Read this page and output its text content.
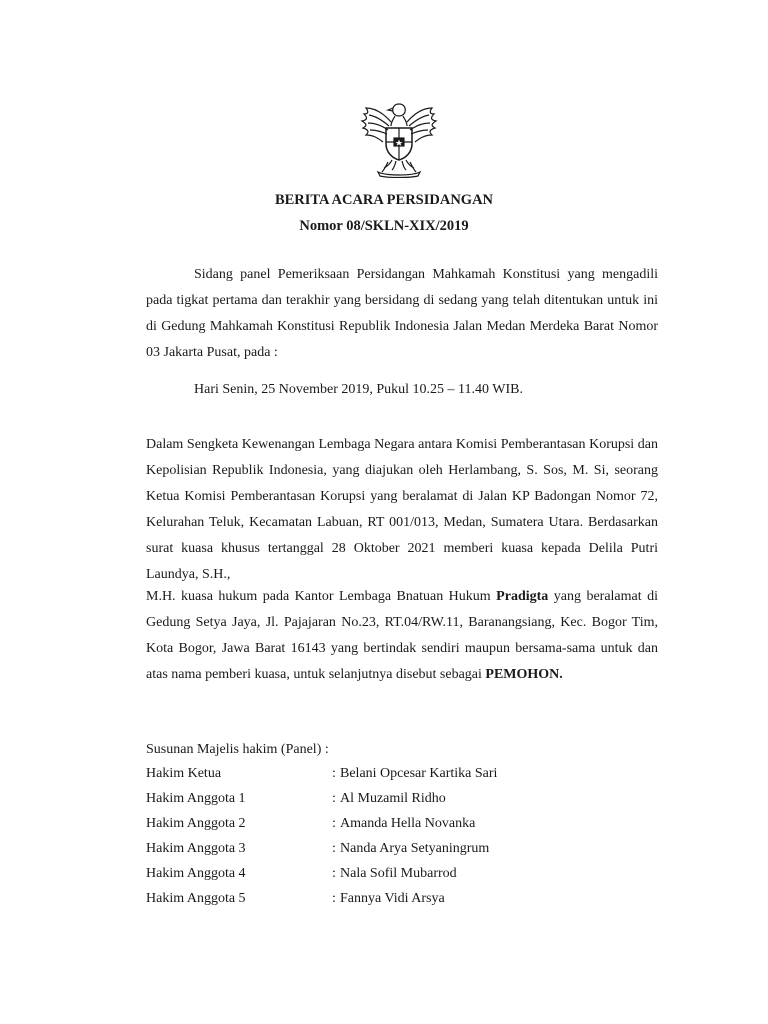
BERITA ACARA PERSIDANGAN
Nomor 08/SKLN-XIX/2019

Sidang panel Pemeriksaan Persidangan Mahkamah Konstitusi yang mengadili pada tigkat pertama dan terakhir yang bersidang di sedang yang telah ditentukan untuk ini di Gedung Mahkamah Konstitusi Republik Indonesia Jalan Medan Merdeka Barat Nomor 03 Jakarta Pusat, pada :

Hari Senin, 25 November 2019, Pukul 10.25 – 11.40 WIB.

Dalam Sengketa Kewenangan Lembaga Negara antara Komisi Pemberantasan Korupsi dan Kepolisian Republik Indonesia, yang diajukan oleh Herlambang, S. Sos, M. Si, seorang Ketua Komisi Pemberantasan Korupsi yang beralamat di Jalan KP Badongan Nomor 72, Kelurahan Teluk, Kecamatan Labuan, RT 001/013, Medan, Sumatera Utara. Berdasarkan surat kuasa khusus tertanggal 28 Oktober 2021 memberi kuasa kepada Delila Putri Laundya, S.H.,

M.H. kuasa hukum pada Kantor Lembaga Bnatuan Hukum Pradigta yang beralamat di Gedung Setya Jaya, Jl. Pajajaran No.23, RT.04/RW.11, Baranangsiang, Kec. Bogor Tim, Kota Bogor, Jawa Barat 16143 yang bertindak sendiri maupun bersama-sama untuk dan atas nama pemberi kuasa, untuk selanjutnya disebut sebagai PEMOHON.

Susunan Majelis hakim (Panel) :
Hakim Ketua	: Belani Opcesar Kartika Sari
Hakim Anggota 1	: Al Muzamil Ridho
Hakim Anggota 2	: Amanda Hella Novanka
Hakim Anggota 3	: Nanda Arya Setyaningrum
Hakim Anggota 4	: Nala Sofil Mubarrod
Hakim Anggota 5	: Fannya Vidi Arsya
